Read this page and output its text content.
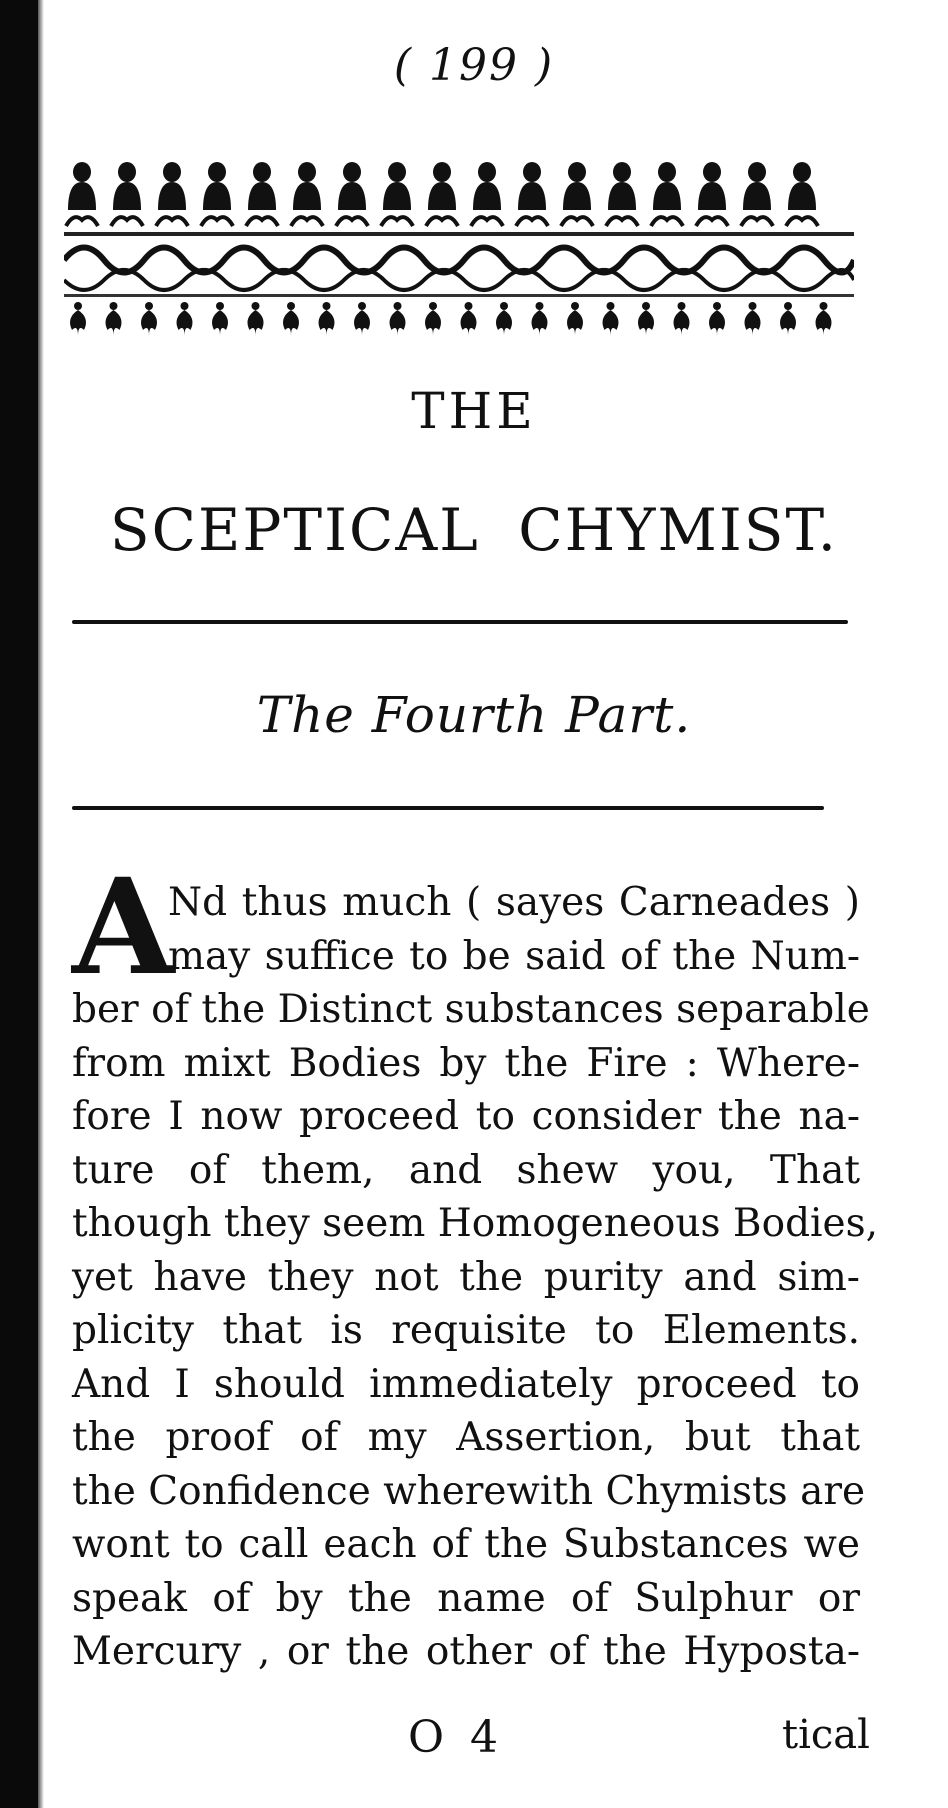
( 199 )
THE
SCEPTICAL CHYMIST.
The Fourth Part.
A
Nd thus much ( sayes Carneades )
may suffice to be said of the Num-
ber of the Distinct substances separable
from mixt Bodies by the Fire : Where-
fore I now proceed to consider the na-
ture of them, and shew you, That
though they seem Homogeneous Bodies,
yet have they not the purity and sim-
plicity that is requisite to Elements.
And I should immediately proceed to
the proof of my Assertion, but that
the Confidence wherewith Chymists are
wont to call each of the Substances we
speak of by the name of Sulphur or
Mercury , or the other of the Hyposta-
O 4	tical
